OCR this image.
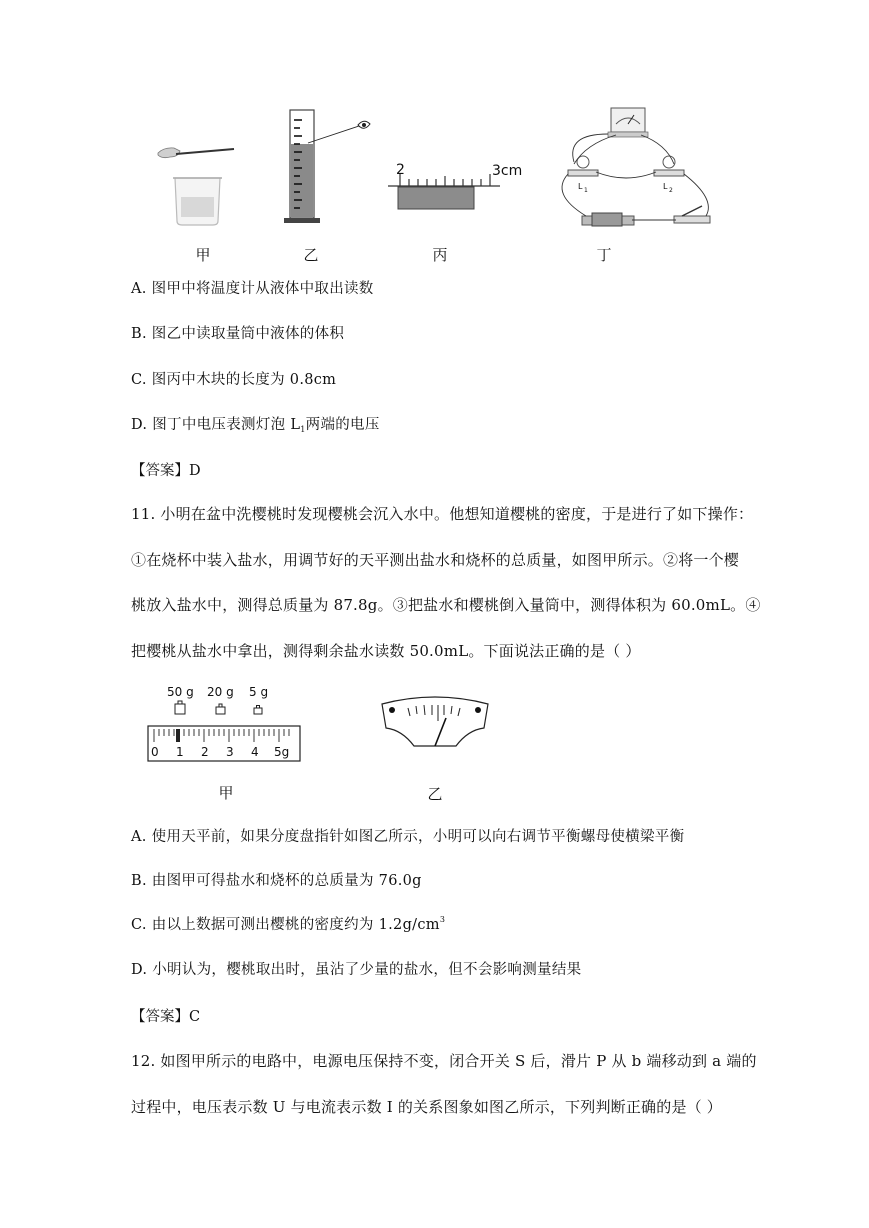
2	3cm
L 1	L 2
甲	乙	丙	丁
A. 图甲中将温度计从液体中取出读数
B. 图乙中读取量筒中液体的体积
C. 图丙中木块的长度为 0.8cm
D. 图丁中电压表测灯泡 $L_1$两端的电压
【答案】D
11. 小明在盆中洗樱桃时发现樱桃会沉入水中。他想知道樱桃的密度，于是进行了如下操作：
①在烧杯中装入盐水，用调节好的天平测出盐水和烧杯的总质量，如图甲所示。②将一个樱
桃放入盐水中，测得总质量为 87.8g。③把盐水和樱桃倒入量筒中，测得体积为 60.0mL。④
把樱桃从盐水中拿出，测得剩余盐水读数 50.0mL。下面说法正确的是（ ）
50 g 20 g 5 g
0 1 2 3 4 5g
甲	乙
A. 使用天平前，如果分度盘指针如图乙所示，小明可以向右调节平衡螺母使横梁平衡
B. 由图甲可得盐水和烧杯的总质量为 76.0g
C. 由以上数据可测出樱桃的密度约为 $1.2g/cm^3$
D. 小明认为，樱桃取出时，虽沾了少量的盐水，但不会影响测量结果
【答案】C
12. 如图甲所示的电路中，电源电压保持不变，闭合开关 S 后，滑片 P 从 b 端移动到 a 端的
过程中，电压表示数 U 与电流表示数 I 的关系图象如图乙所示，下列判断正确的是（ ）
